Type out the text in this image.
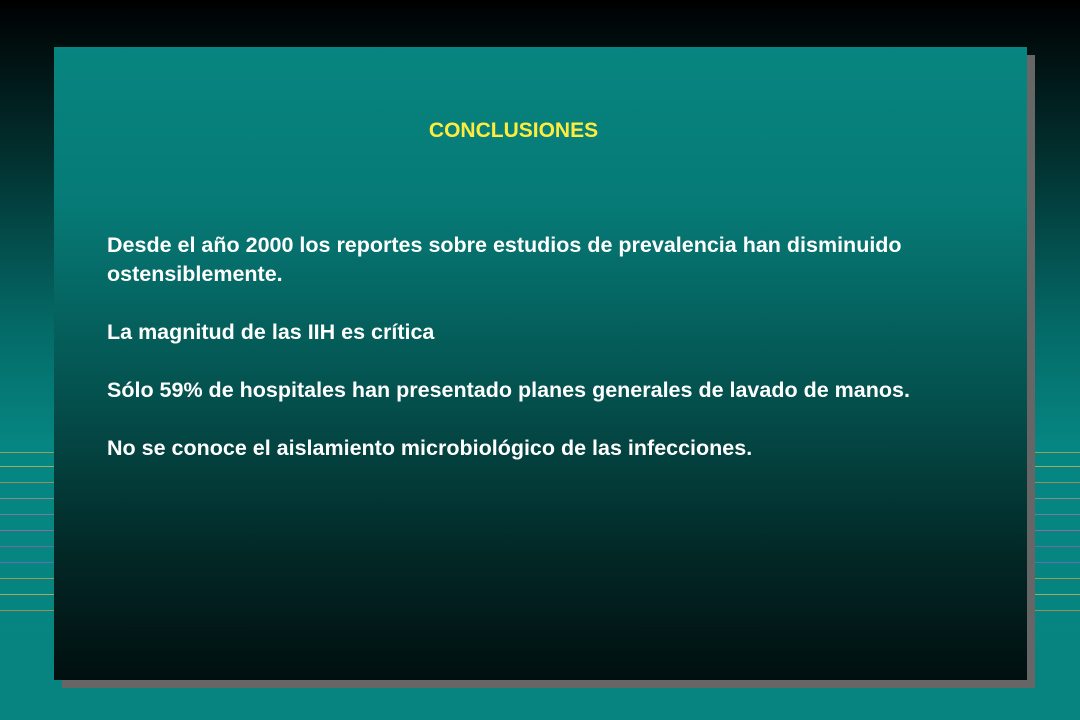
CONCLUSIONES

Desde el año 2000 los reportes sobre estudios de prevalencia han disminuido ostensiblemente.

La magnitud de las IIH es crítica

Sólo 59% de hospitales han presentado planes generales de lavado de manos.

No se conoce el aislamiento microbiológico de las infecciones.
